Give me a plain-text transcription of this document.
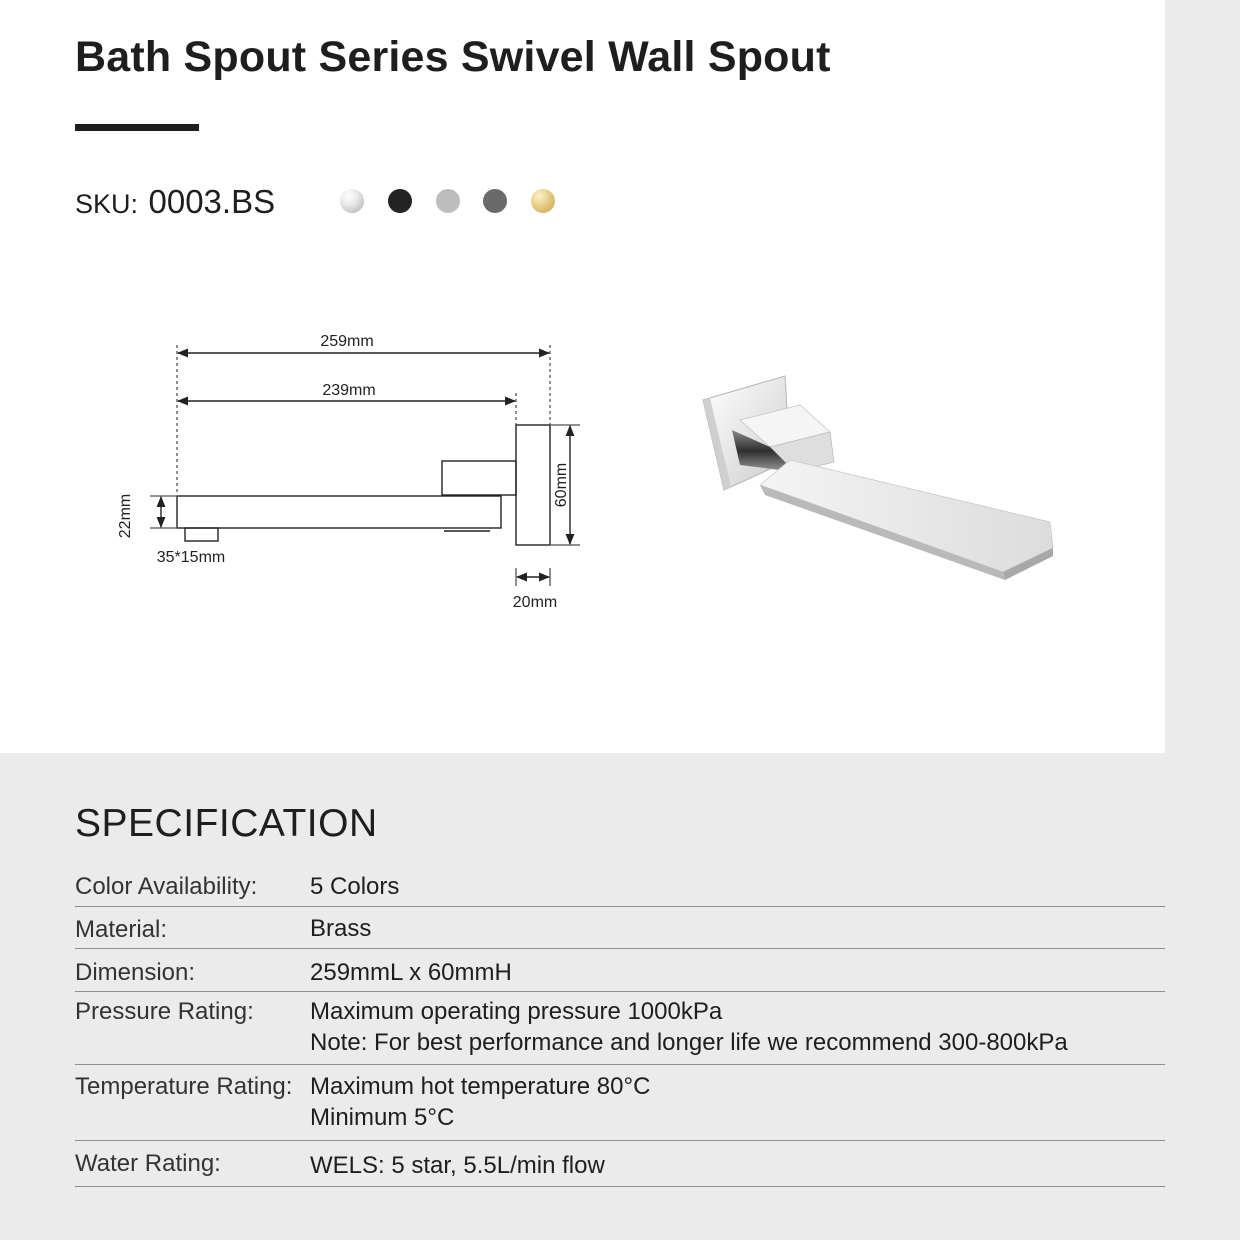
Bath Spout Series Swivel Wall Spout
SKU: 0003.BS
259mm
239mm
35*15mm
20mm
60mm
22mm
SPECIFICATION
Color Availability:	5 Colors
Material:	Brass
Dimension:	259mmL x 60mmH
Pressure Rating:	Maximum operating pressure 1000kPa
Note: For best performance and longer life we recommend 300-800kPa
Temperature Rating: Maximum hot temperature 80°C
Minimum 5°C
Water Rating:	WELS: 5 star, 5.5L/min flow
